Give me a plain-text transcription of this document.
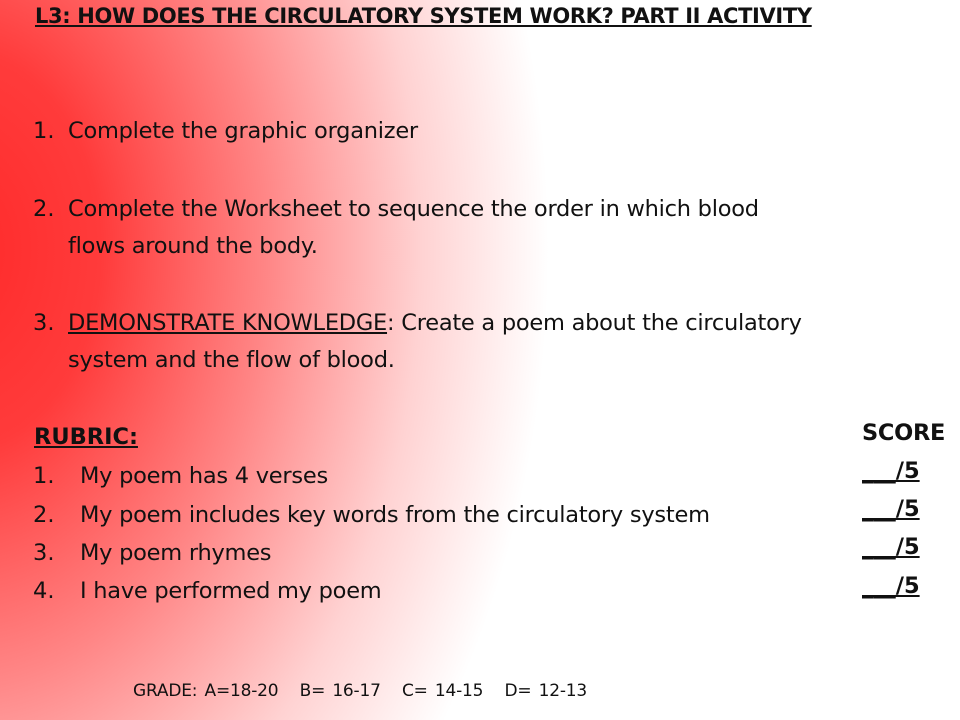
L3: HOW DOES THE CIRCULATORY SYSTEM WORK? PART II ACTIVITY
1. Complete the graphic organizer
2. Complete the Worksheet to sequence the order in which blood
flows around the body.
3. DEMONSTRATE KNOWLEDGE: Create a poem about the circulatory
system and the flow of blood.
RUBRIC:
1. My poem has 4 verses
2. My poem includes key words from the circulatory system
3. My poem rhymes
4. I have performed my poem
SCORE
___/5
___/5
___/5
___/5
GRADE: A=18-20 B= 16-17 C= 14-15 D= 12-13
